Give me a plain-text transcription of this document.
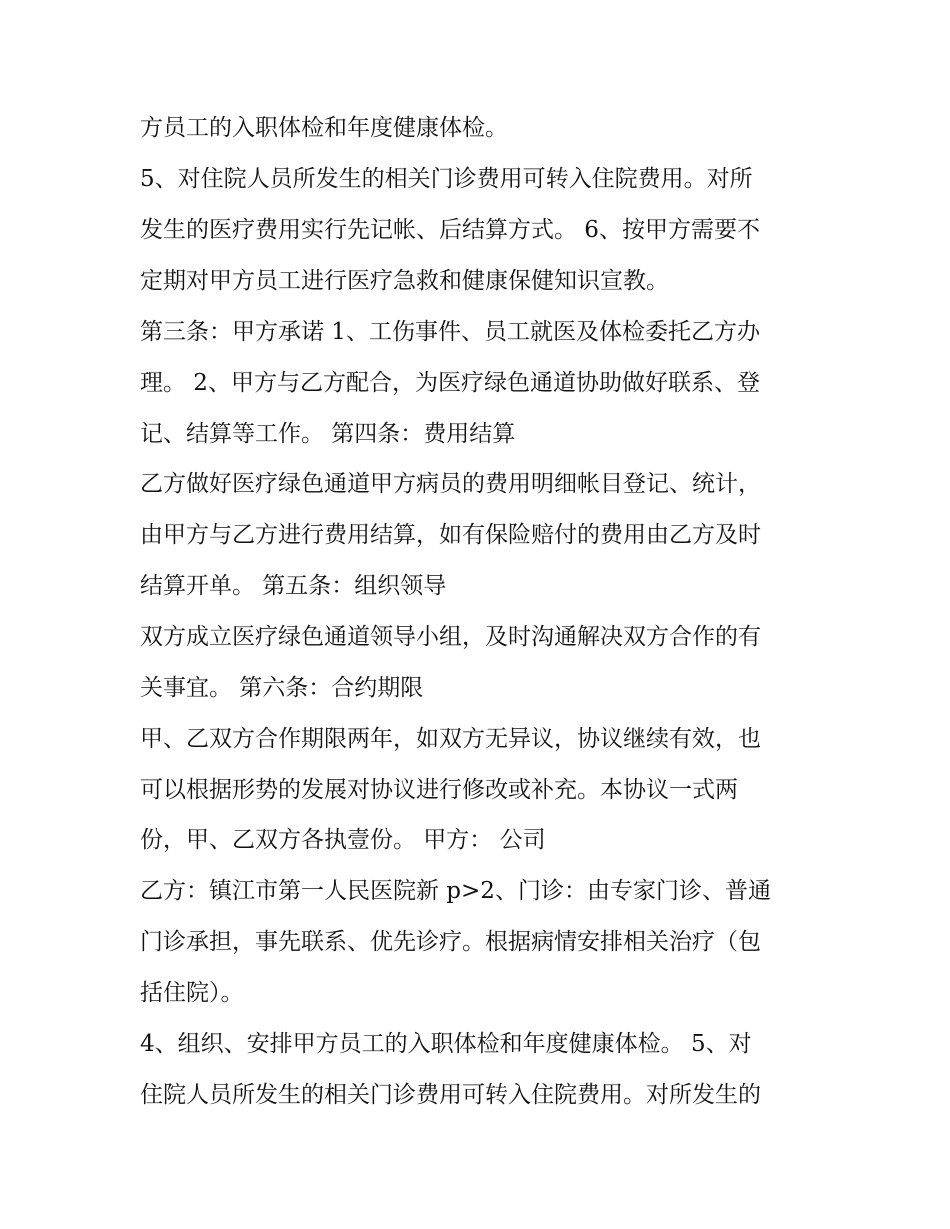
方员工的入职体检和年度健康体检。
5、对住院人员所发生的相关门诊费用可转入住院费用。对所
发生的医疗费用实行先记帐、后结算方式。 6、按甲方需要不
定期对甲方员工进行医疗急救和健康保健知识宣教。
第三条：甲方承诺 1、工伤事件、员工就医及体检委托乙方办
理。 2、甲方与乙方配合，为医疗绿色通道协助做好联系、登
记、结算等工作。 第四条：费用结算
乙方做好医疗绿色通道甲方病员的费用明细帐目登记、统计，
由甲方与乙方进行费用结算，如有保险赔付的费用由乙方及时
结算开单。 第五条：组织领导
双方成立医疗绿色通道领导小组，及时沟通解决双方合作的有
关事宜。 第六条：合约期限
甲、乙双方合作期限两年，如双方无异议，协议继续有效，也
可以根据形势的发展对协议进行修改或补充。本协议一式两
份，甲、乙双方各执壹份。 甲方： 公司
乙方：镇江市第一人民医院新 p>2、门诊：由专家门诊、普通
门诊承担，事先联系、优先诊疗。根据病情安排相关治疗（包
括住院）。
4、组织、安排甲方员工的入职体检和年度健康体检。 5、对
住院人员所发生的相关门诊费用可转入住院费用。对所发生的
